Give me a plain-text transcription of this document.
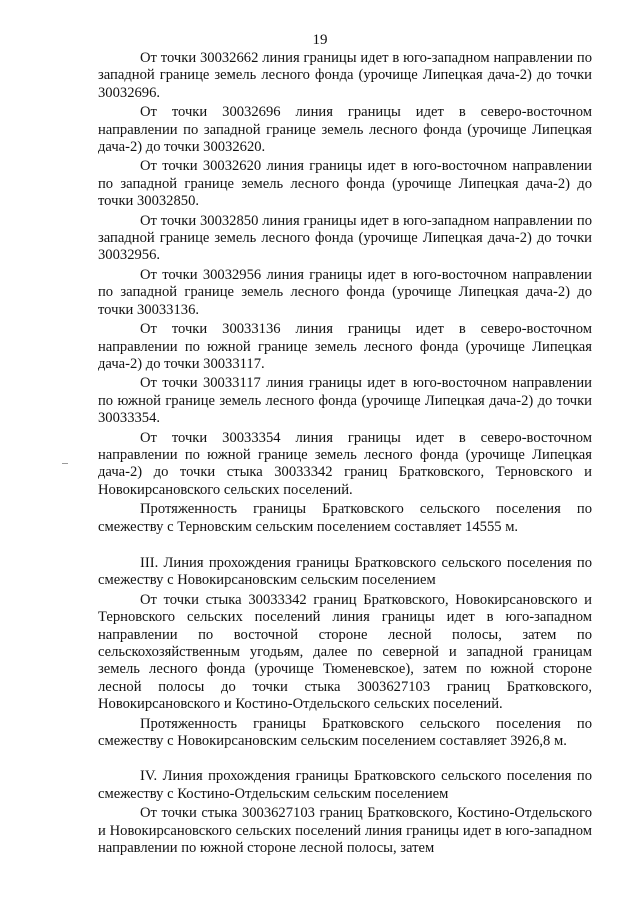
19

От точки 30032662 линия границы идет в юго-западном направлении по западной границе земель лесного фонда (урочище Липецкая дача-2) до точки 30032696.

От точки 30032696 линия границы идет в северо-восточном направлении по западной границе земель лесного фонда (урочище Липецкая дача-2) до точки 30032620.

От точки 30032620 линия границы идет в юго-восточном направлении по западной границе земель лесного фонда (урочище Липецкая дача-2) до точки 30032850.

От точки 30032850 линия границы идет в юго-западном направлении по западной границе земель лесного фонда (урочище Липецкая дача-2) до точки 30032956.

От точки 30032956 линия границы идет в юго-восточном направлении по западной границе земель лесного фонда (урочище Липецкая дача-2) до точки 30033136.

От точки 30033136 линия границы идет в северо-восточном направлении по южной границе земель лесного фонда (урочище Липецкая дача-2) до точки 30033117.

От точки 30033117 линия границы идет в юго-восточном направлении по южной границе земель лесного фонда (урочище Липецкая дача-2) до точки 30033354.

От точки 30033354 линия границы идет в северо-восточном направлении по южной границе земель лесного фонда (урочище Липецкая дача-2) до точки стыка 30033342 границ Братковского, Терновского и Новокирсановского сельских поселений.

Протяженность границы Братковского сельского поселения по смежеству с Терновским сельским поселением составляет 14555 м.

III. Линия прохождения границы Братковского сельского поселения по смежеству с Новокирсановским сельским поселением

От точки стыка 30033342 границ Братковского, Новокирсановского и Терновского сельских поселений линия границы идет в юго-западном направлении по восточной стороне лесной полосы, затем по сельскохозяйственным угодьям, далее по северной и западной границам земель лесного фонда (урочище Тюменевское), затем по южной стороне лесной полосы до точки стыка 3003627103 границ Братковского, Новокирсановского и Костино-Отдельского сельских поселений.

Протяженность границы Братковского сельского поселения по смежеству с Новокирсановским сельским поселением составляет 3926,8 м.

IV. Линия прохождения границы Братковского сельского поселения по смежеству с Костино-Отдельским сельским поселением

От точки стыка 3003627103 границ Братковского, Костино-Отдельского и Новокирсановского сельских поселений линия границы идет в юго-западном направлении по южной стороне лесной полосы, затем
